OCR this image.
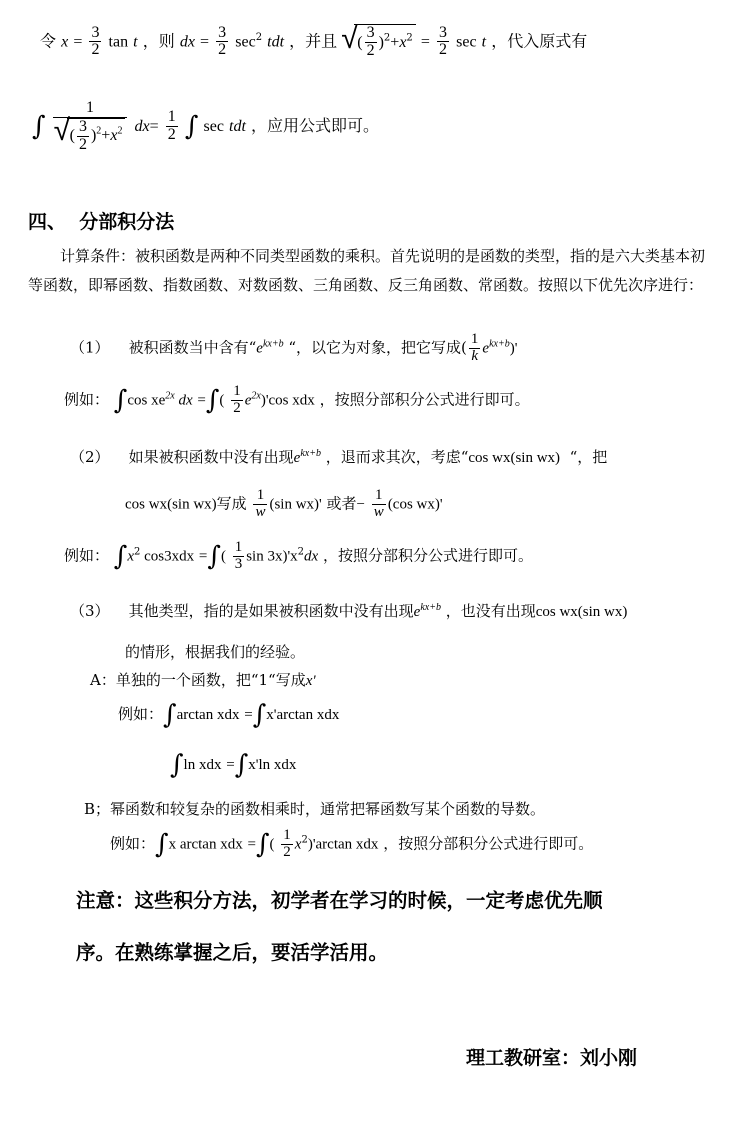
令 $x = \frac{3}{2}$ tan t ，则 dx = $\frac{3}{2} \sec^2$ tdt ，并且 √ ( $\frac{3}{2} )^2+x^2 = \frac{3}{2}$ sec t ，代入原式有
∫ 1
√ ( $\frac{3}{2} )^2+x^2$ $dx= \frac{1}{2}$ ∫ sec tdt ，应用公式即可。
四、 分部积分法
计算条件：被积函数是两种不同类型函数的乘积。首先说明的是函数的类型，指的是六大类基本初等函数，即幂函数、指数函数、对数函数、三角函数、反三角函数、常函数。按照以下优先次序进行：
（1） 被积函数当中含有“$e^{kx+b}$ “，以它为对象，把它写成( $\frac{1}{k} e^{kx+b})'$
例如： ∫cos $xe^{2x}$ dx =∫( $\frac{1}{2} e^{2x})'\cos$ xdx ，按照分部积分公式进行即可。
（2） 如果被积函数中没有出现$e^{kx+b}$ ，退而求其次，考虑“cos wx(sin wx) “，把
cos wx(sin wx)写成 $\frac{1}{w} (\sin$ wx)' 或者− $\frac{1}{w} (\cos$ wx)'
例如： $\int x^2$ cos3xdx =∫( $\frac{1}{3}$ $\sin 3x)'x^2dx$ ，按照分部积分公式进行即可。
（3） 其他类型，指的是如果被积函数中没有出现$e^{kx+b}$ ，也没有出现cos wx(sin wx)
的情形，根据我们的经验。
A：单独的一个函数，把“1“写成x'
例如：∫arctan xdx =∫x'arctan xdx
∫ln xdx =∫x'ln xdx
B；幂函数和较复杂的函数相乘时，通常把幂函数写某个函数的导数。
例如：∫x arctan xdx =∫( $\frac{1}{2} x^2)'\arctan$ xdx ，按照分部积分公式进行即可。
注意：这些积分方法，初学者在学习的时候，一定考虑优先顺
序。在熟练掌握之后，要活学活用。
理工教研室：刘小刚
